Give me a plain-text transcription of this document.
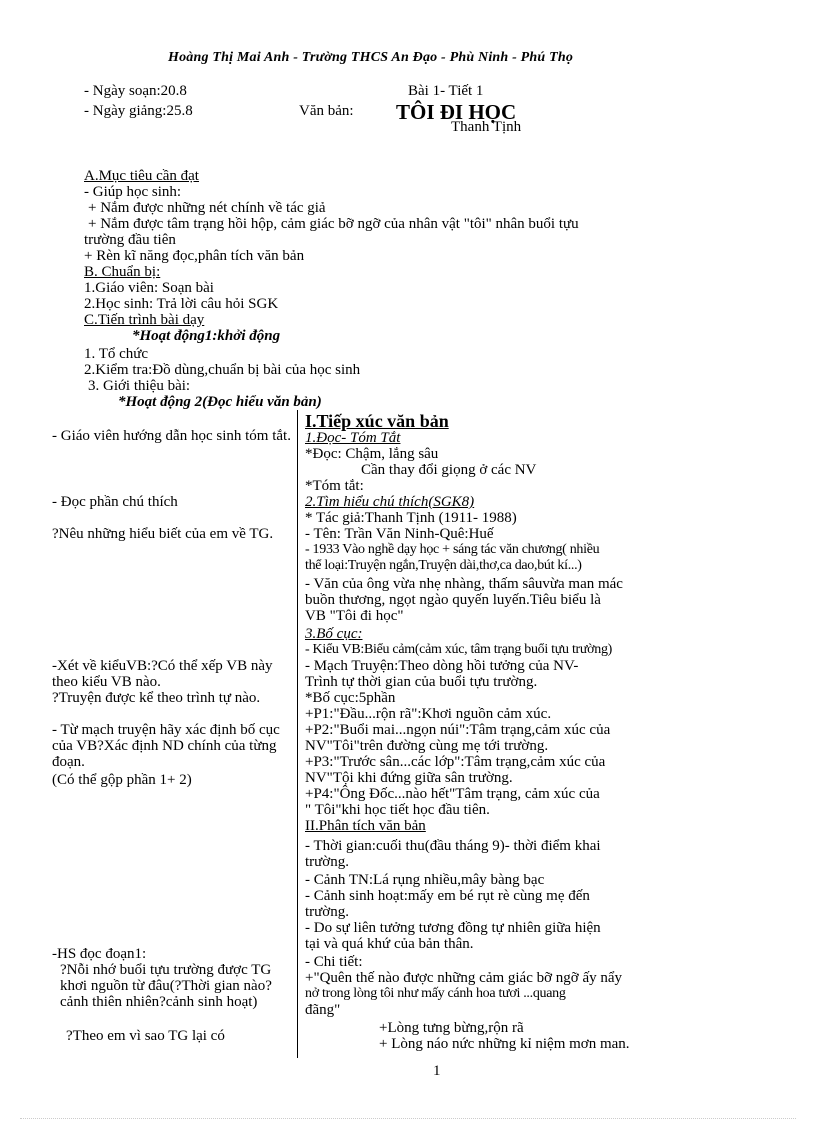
Hoàng Thị Mai Anh - Trường THCS An Đạo - Phù Ninh - Phú Thọ
- Ngày soạn:20.8
- Ngày giảng:25.8
Bài 1- Tiết 1
Văn bản: TÔI ĐI HỌC
Thanh Tịnh
A.Mục tiêu cần đạt
- Giúp học sinh:
+ Nắm được những nét chính về tác giả
+ Nắm được tâm trạng hồi hộp, cảm giác bỡ ngỡ của nhân vật "tôi" nhân buổi tựu
trường đầu tiên
+ Rèn kĩ năng đọc,phân tích văn bản
B. Chuẩn bị:
1.Giáo viên: Soạn bài
2.Học sinh: Trả lời câu hỏi SGK
C.Tiến trình bài dạy
*Hoạt động1:khởi động
1. Tổ chức
2.Kiểm tra:Đồ dùng,chuẩn bị bài của học sinh
3. Giới thiệu bài:
*Hoạt động 2(Đọc hiểu văn bản)
- Giáo viên hướng dẫn học sinh tóm tắt.
- Đọc phần chú thích
?Nêu những hiểu biết của em về TG.
-Xét về kiểuVB:?Có thể xếp VB này theo kiểu VB nào.
?Truyện được kể theo trình tự nào.
- Từ mạch truyện hãy xác định bố cục của VB?Xác định ND chính của từng đoạn.
(Có thể gộp phần 1+ 2)
-HS đọc đoạn1:
?Nỗi nhớ buổi tựu trường được TG khơi nguồn từ đâu(?Thời gian nào?cảnh thiên nhiên?cảnh sinh hoạt)
?Theo em vì sao TG lại có
I.Tiếp xúc văn bản
1.Đọc- Tóm Tắt
*Đọc: Chậm, lắng sâu
Cần thay đổi giọng ở các NV
*Tóm tắt:
2.Tìm hiểu chú thích(SGK8)
* Tác giả:Thanh Tịnh (1911- 1988)
- Tên: Trần Văn Ninh-Quê:Huế
- 1933 Vào nghề dạy học + sáng tác văn chương( nhiều
thể loại:Truyện ngắn,Truyện dài,thơ,ca dao,bút kí...)
- Văn của ông vừa nhẹ nhàng, thấm sâuvừa man mác
buồn thương, ngọt ngào quyến luyến.Tiêu biểu là
VB "Tôi đi học"
3.Bố cục:
- Kiểu VB:Biểu cảm(cảm xúc, tâm trạng buổi tựu trường)
- Mạch Truyện:Theo dòng hồi tưởng của NV-
Trình tự thời gian của buổi tựu trường.
*Bố cục:5phần
+P1:"Đầu...rộn rã":Khơi nguồn cảm xúc.
+P2:"Buổi mai...ngọn núi":Tâm trạng,cảm xúc của
NV"Tôi"trên đường cùng mẹ tới trường.
+P3:"Trước sân...các lớp":Tâm trạng,cảm xúc của
NV"Tội khi đứng giữa sân trường.
+P4:"Ông Đốc...nào hết"Tâm trạng, cảm xúc của
" Tôi"khi học tiết học đầu tiên.
II.Phân tích văn bản
- Thời gian:cuối thu(đầu tháng 9)- thời điểm khai
trường.
- Cảnh TN:Lá rụng nhiều,mây bàng bạc
- Cảnh sinh hoạt:mấy em bé rụt rè cùng mẹ đến
trường.
- Do sự liên tưởng tương đồng tự nhiên giữa hiện
tại và quá khứ của bản thân.
- Chi tiết:
+"Quên thế nào được những cảm giác bỡ ngỡ ấy nẩy
nở trong lòng tôi như mấy cánh hoa tươi ...quang
đãng"
+Lòng tưng bừng,rộn rã
+ Lòng náo nức những kỉ niệm mơn man.
1
